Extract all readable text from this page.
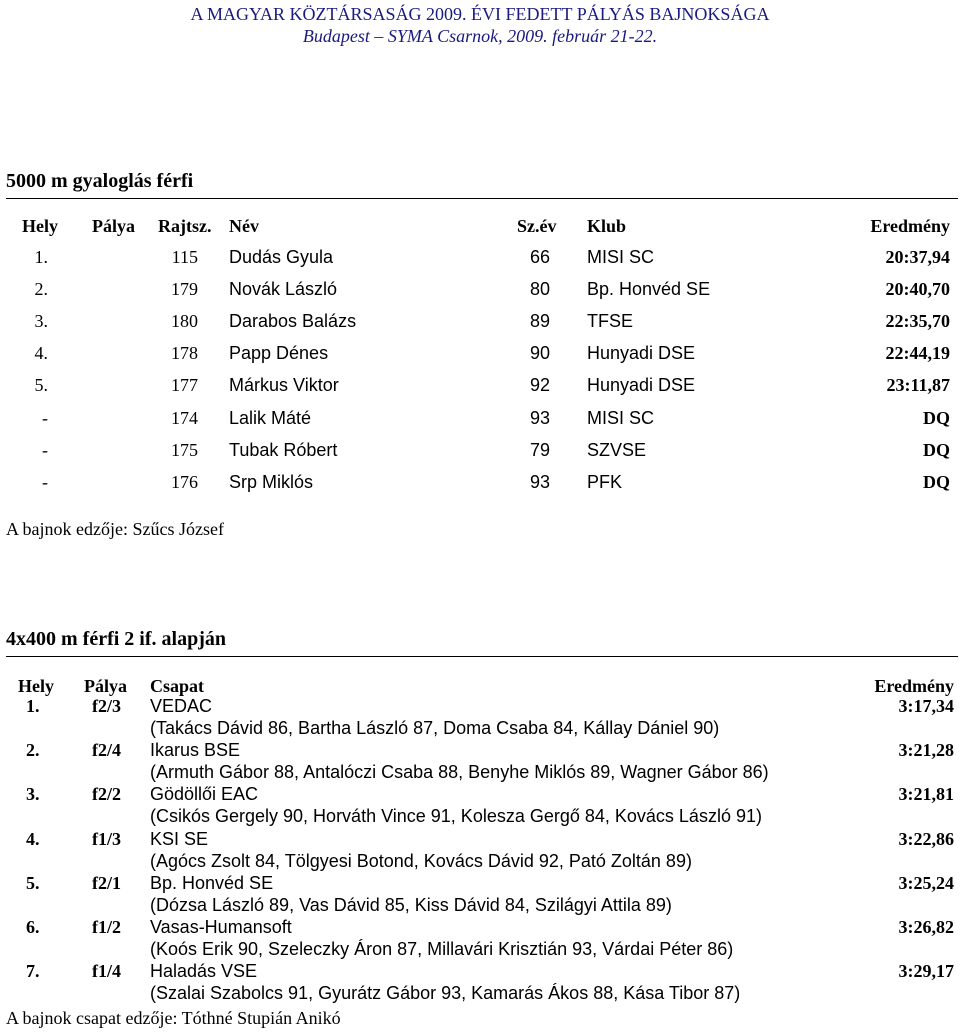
A MAGYAR KÖZTÁRSASÁG 2009. ÉVI FEDETT PÁLYÁS BAJNOKSÁGA
Budapest – SYMA Csarnok, 2009. február 21-22.
5000 m gyaloglás férfi
Hely Pálya Rajtsz. Név	Sz.év Klub	Eredmény
1.	115 Dudás Gyula	66 MISI SC	20:37,94
2.	179 Novák László	80 Bp. Honvéd SE	20:40,70
3.	180 Darabos Balázs	89 TFSE	22:35,70
4.	178 Papp Dénes	90 Hunyadi DSE	22:44,19
5.	177 Márkus Viktor	92 Hunyadi DSE	23:11,87
-	174 Lalik Máté	93 MISI SC	DQ
-	175 Tubak Róbert	79 SZVSE	DQ
-	176 Srp Miklós	93 PFK	DQ
A bajnok edzője: Szűcs József
4x400 m férfi 2 if. alapján
Hely Pálya Csapat	Eredmény
1.	f2/3 VEDAC	3:17,34
(Takács Dávid 86, Bartha László 87, Doma Csaba 84, Kállay Dániel 90)
2.	f2/4 Ikarus BSE	3:21,28
(Armuth Gábor 88, Antalóczi Csaba 88, Benyhe Miklós 89, Wagner Gábor 86)
3.	f2/2 Gödöllői EAC	3:21,81
(Csikós Gergely 90, Horváth Vince 91, Kolesza Gergő 84, Kovács László 91)
4.	f1/3 KSI SE	3:22,86
(Agócs Zsolt 84, Tölgyesi Botond, Kovács Dávid 92, Pató Zoltán 89)
5.	f2/1 Bp. Honvéd SE	3:25,24
(Dózsa László 89, Vas Dávid 85, Kiss Dávid 84, Szilágyi Attila 89)
6.	f1/2 Vasas-Humansoft	3:26,82
(Koós Erik 90, Szeleczky Áron 87, Millavári Krisztián 93, Várdai Péter 86)
7.	f1/4 Haladás VSE	3:29,17
(Szalai Szabolcs 91, Gyurátz Gábor 93, Kamarás Ákos 88, Kása Tibor 87)
A bajnok csapat edzője: Tóthné Stupián Anikó
